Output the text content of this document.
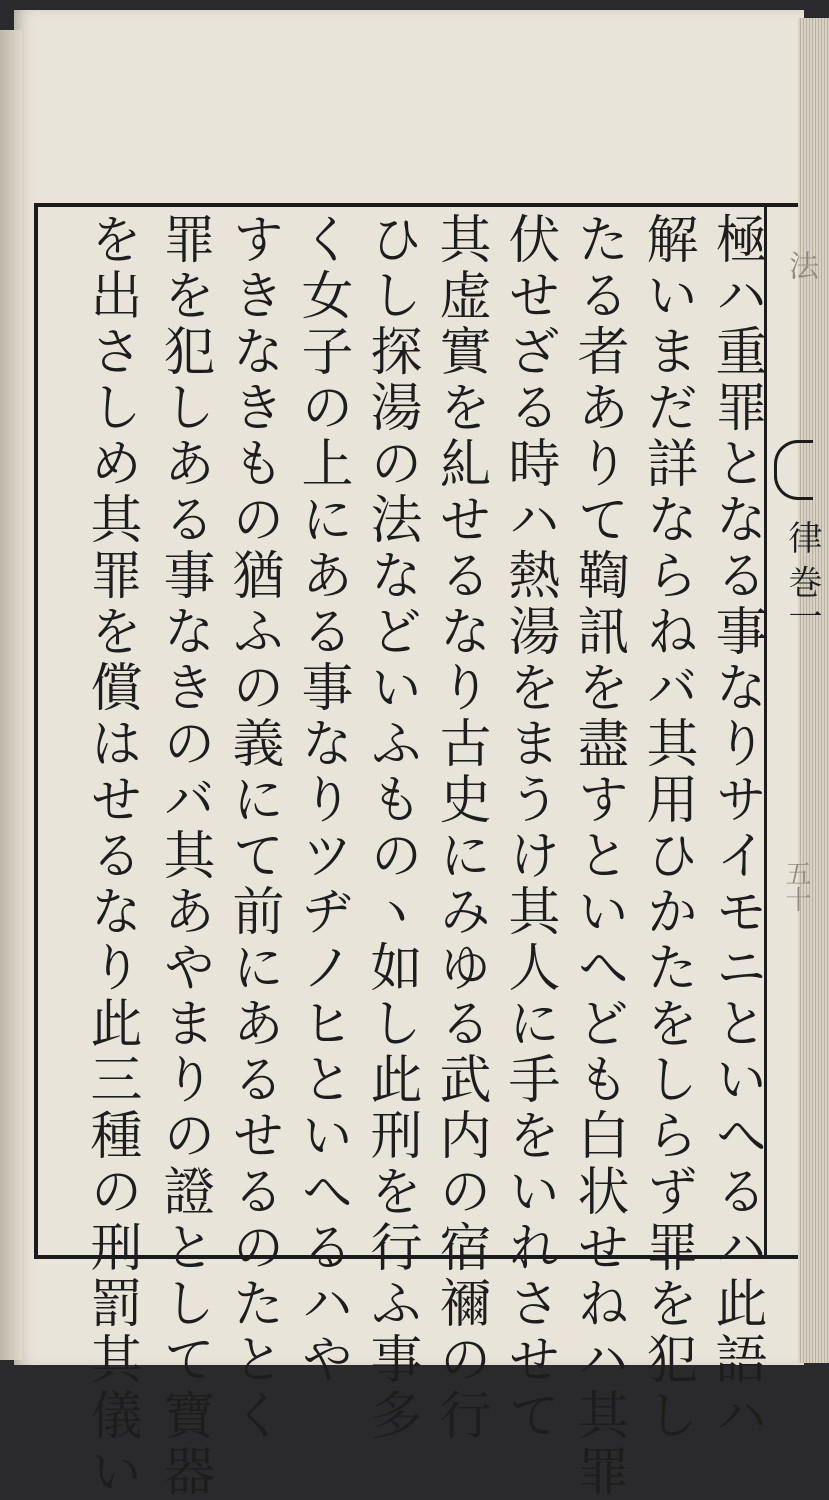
極ハ重罪となる事なりサイモニといへるハ此語ハ
解いまだ詳ならねバ其用ひかたをしらず罪を犯し
たる者ありて鞫訊を盡すといへども白状せねハ其罪
伏せざる時ハ熱湯をまうけ其人に手をいれさせて
其虚實を糺せるなり古史にみゆる武内の宿禰の行
ひし探湯の法などいふものヽ如し此刑を行ふ事多
く女子の上にある事なりツヂノヒといへるハや
すきなきもの猶ふの義にて前にあるせるのたとく
罪を犯しある事なきのバ其あやまりの證として寶器
を出さしめ其罪を償はせるなり此三種の刑罰其儀い	法
律 巻一
五十
